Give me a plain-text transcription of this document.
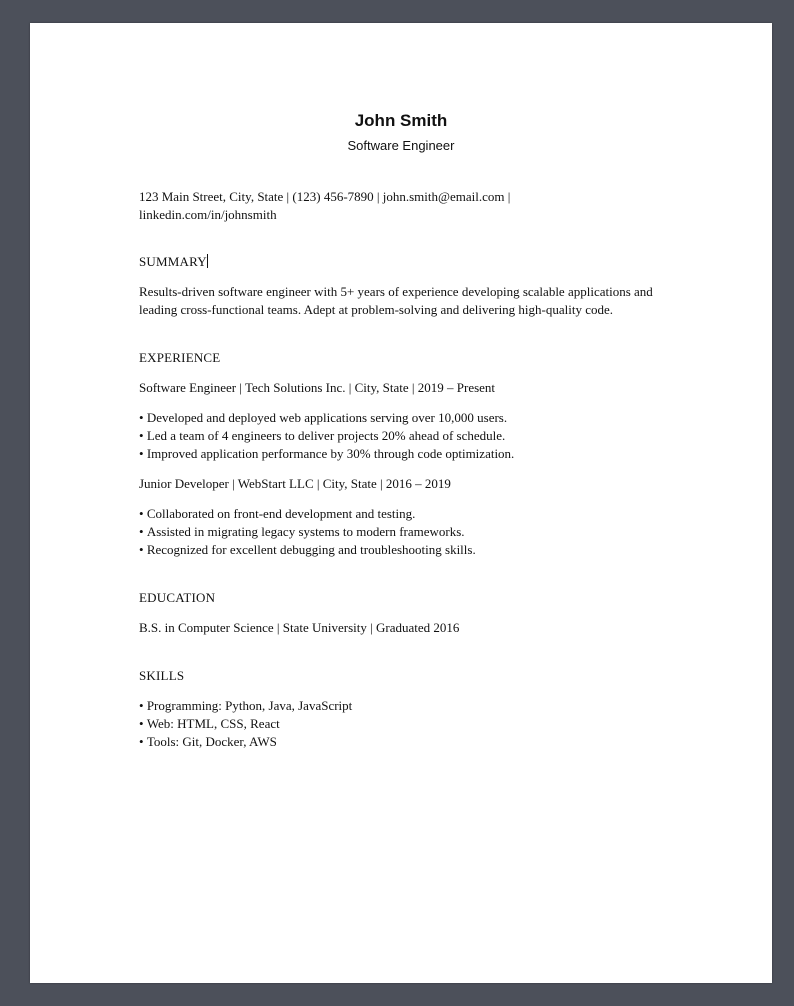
John Smith
Software Engineer
123 Main Street, City, State | (123) 456-7890 | john.smith@email.com |
linkedin.com/in/johnsmith
SUMMARY
Results-driven software engineer with 5+ years of experience developing scalable applications and leading cross-functional teams. Adept at problem-solving and delivering high-quality code.
EXPERIENCE
Software Engineer | Tech Solutions Inc. | City, State | 2019 – Present
• Developed and deployed web applications serving over 10,000 users.
• Led a team of 4 engineers to deliver projects 20% ahead of schedule.
• Improved application performance by 30% through code optimization.
Junior Developer | WebStart LLC | City, State | 2016 – 2019
• Collaborated on front-end development and testing.
• Assisted in migrating legacy systems to modern frameworks.
• Recognized for excellent debugging and troubleshooting skills.
EDUCATION
B.S. in Computer Science | State University | Graduated 2016
SKILLS
• Programming: Python, Java, JavaScript
• Web: HTML, CSS, React
• Tools: Git, Docker, AWS
